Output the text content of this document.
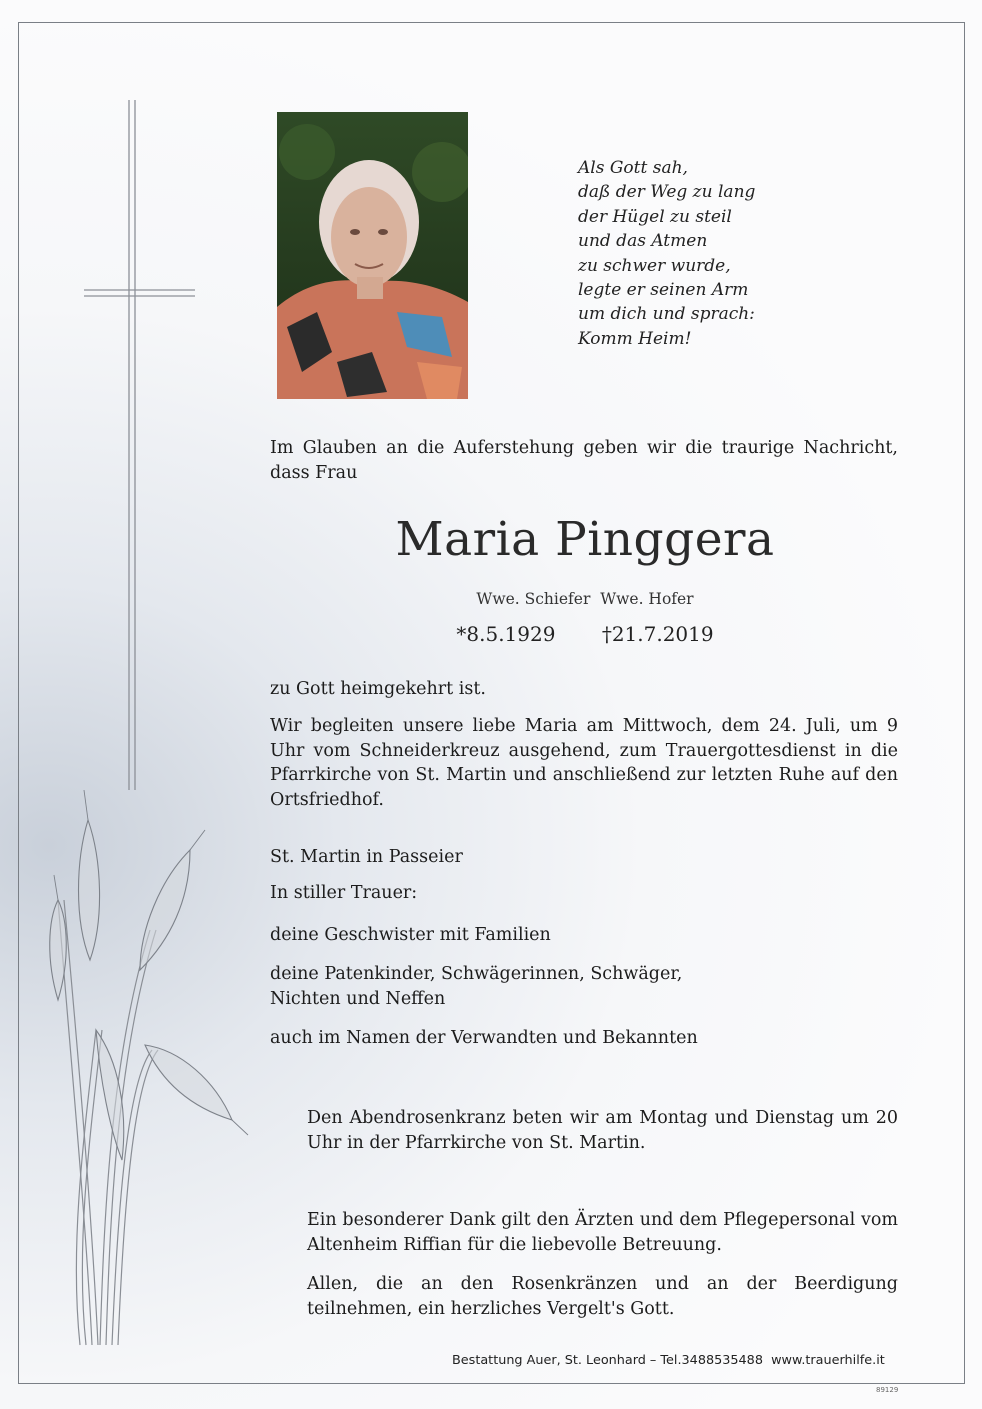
Als Gott sah,
daß der Weg zu lang
der Hügel zu steil
und das Atmen
zu schwer wurde,
legte er seinen Arm
um dich und sprach:
Komm Heim!
Im Glauben an die Auferstehung geben wir die traurige Nachricht, dass Frau
Maria Pinggera
Wwe. Schiefer  Wwe. Hofer
*8.5.1929 †21.7.2019
zu Gott heimgekehrt ist.
Wir begleiten unsere liebe Maria am Mittwoch, dem 24. Juli, um 9 Uhr vom Schneiderkreuz ausgehend, zum Trauergottesdienst in die Pfarrkirche von St. Martin und anschließend zur letzten Ruhe auf den Ortsfriedhof.
St. Martin in Passeier
In stiller Trauer:
deine Geschwister mit Familien
deine Patenkinder, Schwägerinnen, Schwäger,
Nichten und Neffen
auch im Namen der Verwandten und Bekannten
Den Abendrosenkranz beten wir am Montag und Dienstag um 20 Uhr in der Pfarrkirche von St. Martin.
Ein besonderer Dank gilt den Ärzten und dem Pflegepersonal vom Altenheim Riffian für die liebevolle Betreuung.
Allen, die an den Rosenkränzen und an der Beerdigung teilnehmen, ein herzliches Vergelt's Gott.
Bestattung Auer, St. Leonhard – Tel.3488535488  www.trauerhilfe.it
89129
